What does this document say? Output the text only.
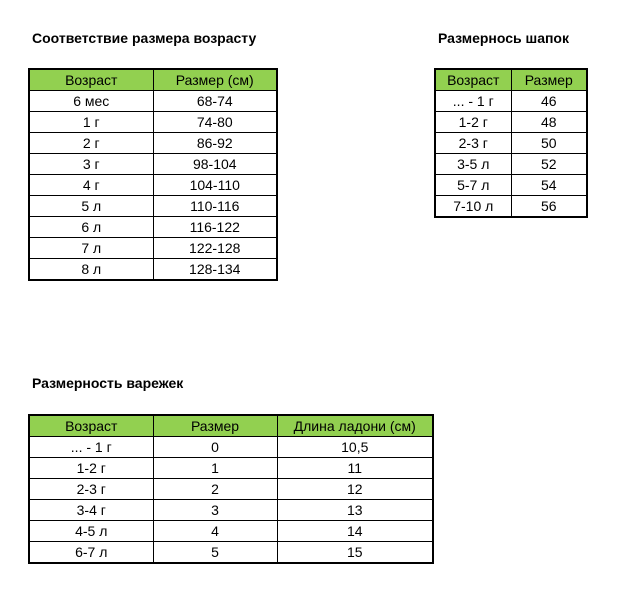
Соответствие размера возрасту
Возраст	Размер (см)
6 мес	68-74
1 г	74-80
2 г	86-92
3 г	98-104
4 г	104-110
5 л	110-116
6 л	116-122
7 л	122-128
8 л	128-134
Размернось шапок
Возраст	Размер
... - 1 г	46
1-2 г	48
2-3 г	50
3-5 л	52
5-7 л	54
7-10 л	56
Размерность варежек
Возраст	Размер	Длина ладони (см)
... - 1 г	0	10,5
1-2 г	1	11
2-3 г	2	12
3-4 г	3	13
4-5 л	4	14
6-7 л	5	15
